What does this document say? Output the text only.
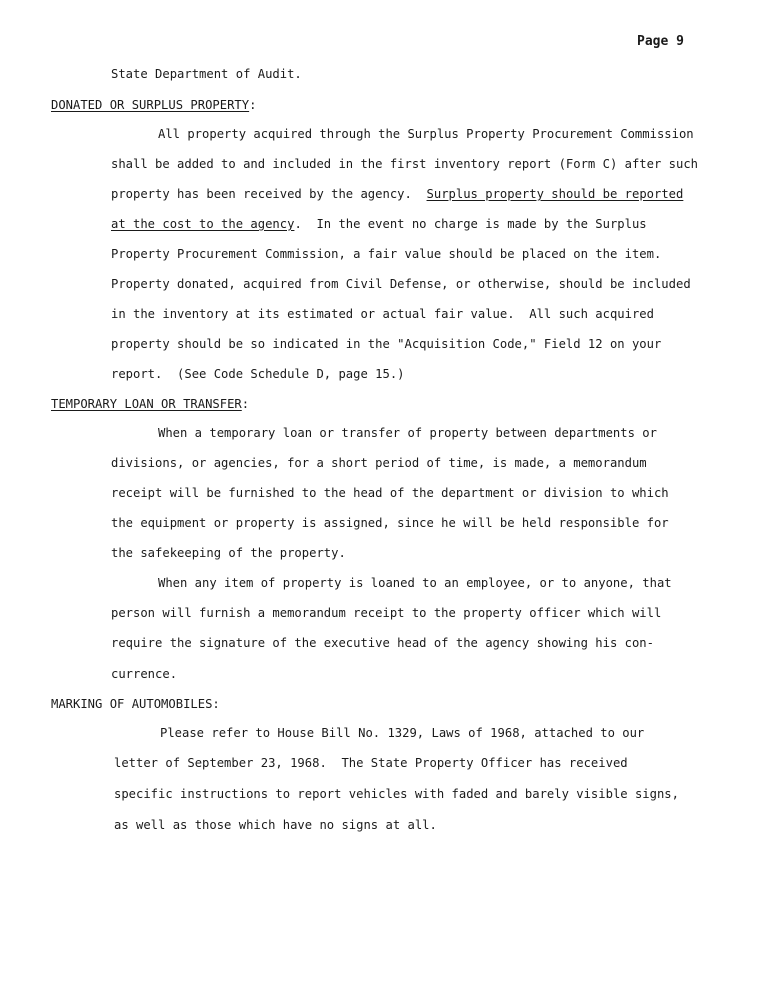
Page 9
State Department of Audit.
DONATED OR SURPLUS PROPERTY:
All property acquired through the Surplus Property Procurement Commission
shall be added to and included in the first inventory report (Form C) after such
property has been received by the agency. Surplus property should be reported
at the cost to the agency.  In the event no charge is made by the Surplus
Property Procurement Commission, a fair value should be placed on the item.
Property donated, acquired from Civil Defense, or otherwise, should be included
in the inventory at its estimated or actual fair value.  All such acquired
property should be so indicated in the "Acquisition Code," Field 12 on your
report.  (See Code Schedule D, page 15.)
TEMPORARY LOAN OR TRANSFER:
When a temporary loan or transfer of property between departments or
divisions, or agencies, for a short period of time, is made, a memorandum
receipt will be furnished to the head of the department or division to which
the equipment or property is assigned, since he will be held responsible for
the safekeeping of the property.
When any item of property is loaned to an employee, or to anyone, that
person will furnish a memorandum receipt to the property officer which will
require the signature of the executive head of the agency showing his con-
currence.
MARKING OF AUTOMOBILES:
Please refer to House Bill No. 1329, Laws of 1968, attached to our
letter of September 23, 1968.  The State Property Officer has received
specific instructions to report vehicles with faded and barely visible signs,
as well as those which have no signs at all.
